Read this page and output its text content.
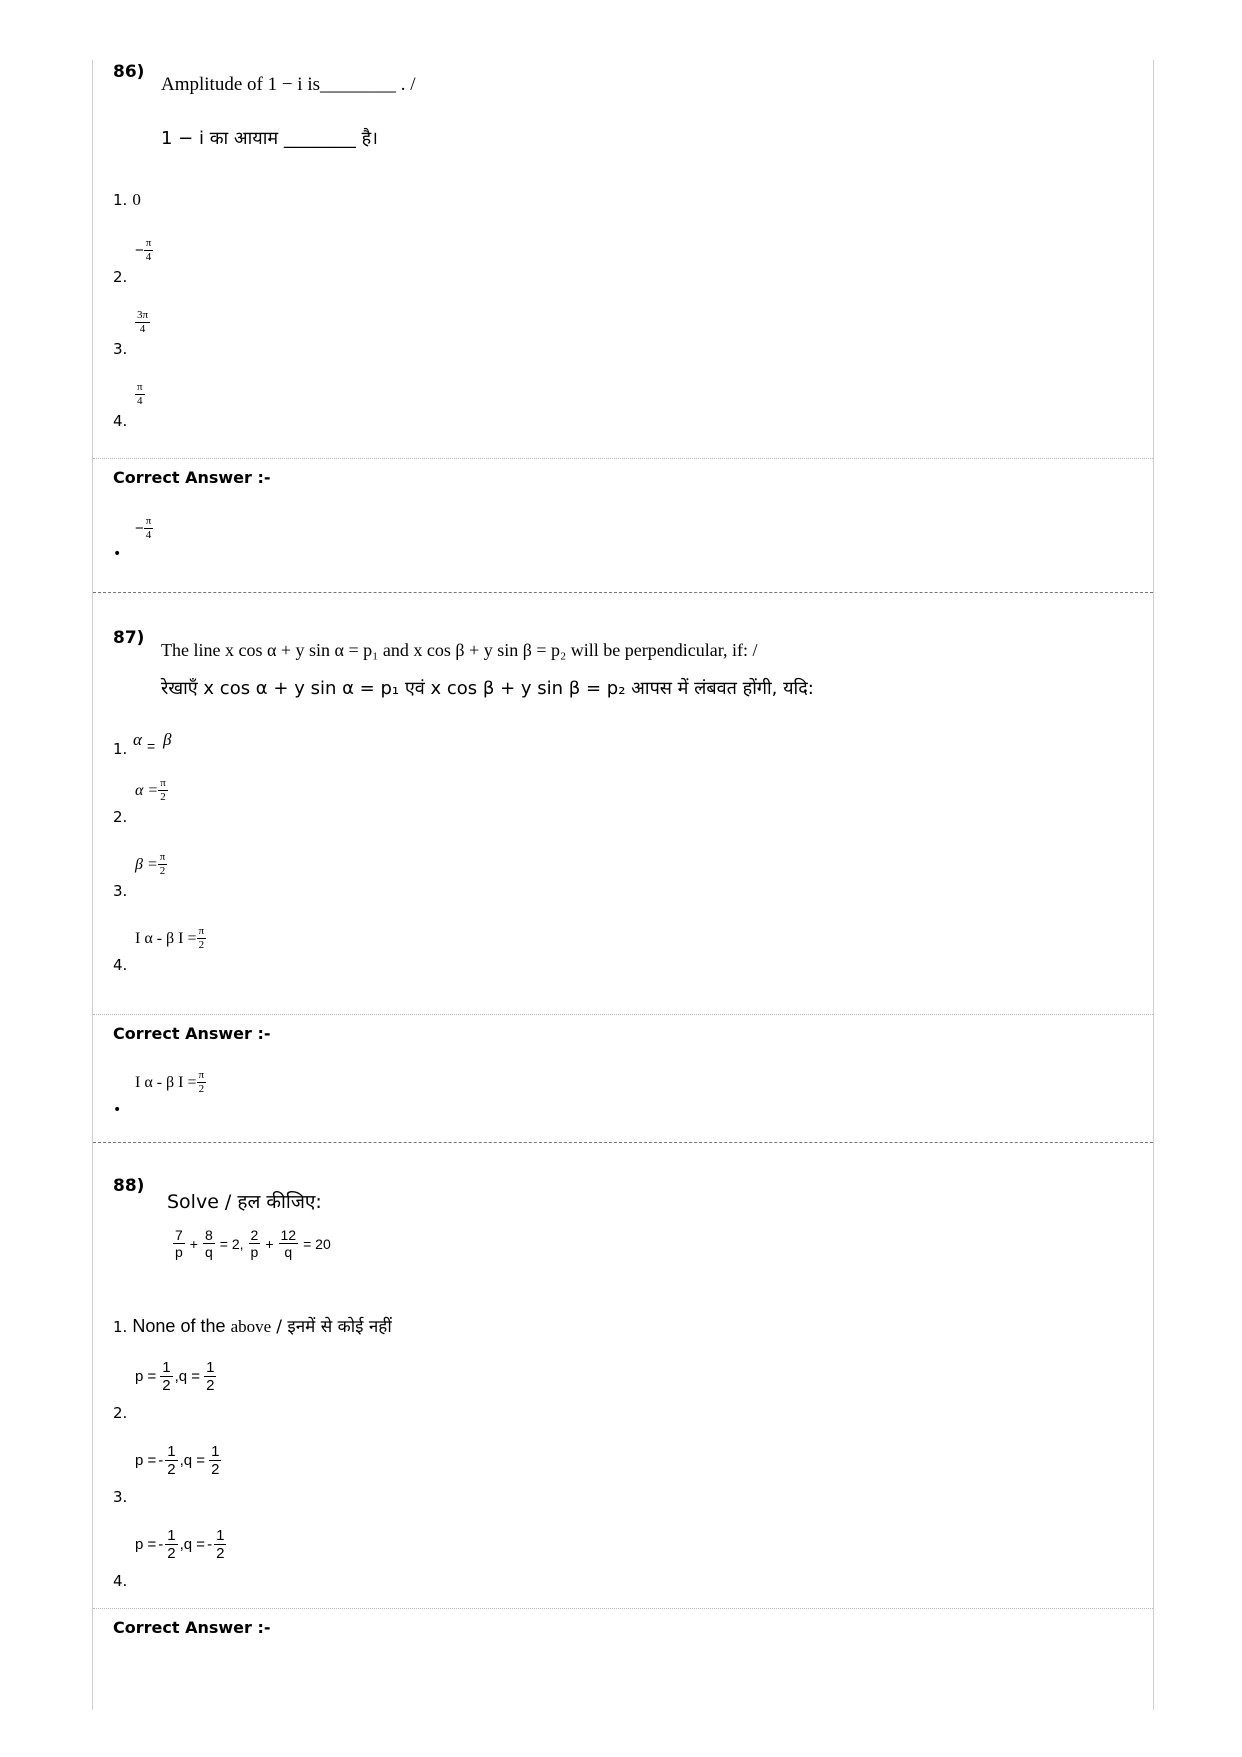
86)
Amplitude of 1 − i is________ . /
1 − i का आयाम ________ है।
1. 0
2.
− $\frac{\pi}{4}$
3.
$\frac{3\pi}{4}$
4.
$\frac{\pi}{4}$
Correct Answer :-
•
− $\frac{\pi}{4}$
87)
The line x cos α + y sin α = p₁ and x cos β + y sin β = p₂ will be perpendicular, if: /
रेखाएँ x cos α + y sin α = p₁ एवं x cos β + y sin β = p₂ आपस में लंबवत होंगी, यदि:
1. α = β
2.
$\alpha = \frac{\pi}{2}$
3.
$\beta = \frac{\pi}{2}$
4.
I α - β $I = \frac{\pi}{2}$
Correct Answer :-
•
I α - β $I = \frac{\pi}{2}$
88)
Solve / हल कीजिए:
$\frac{7}{p} + \frac{8}{q} = 2$, $\frac{2}{p} + \frac{12}{q} = 20$
1. None of the above / इनमें से कोई नहीं
2.
$p = \frac{1}{2} ,q = \frac{1}{2}$
3.
p = - $\frac{1}{2} ,q = \frac{1}{2}$
4.
p = - $\frac{1}{2} ,q$ = - $\frac{1}{2}$
Correct Answer :-
